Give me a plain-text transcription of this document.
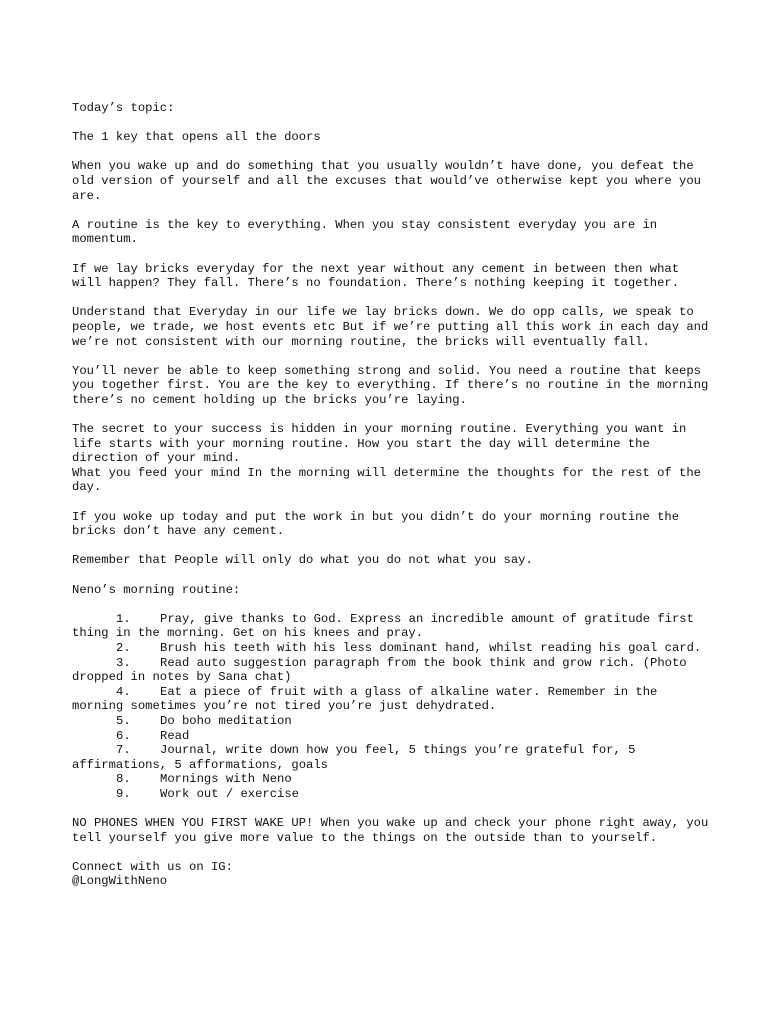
Today’s topic:

The 1 key that opens all the doors

When you wake up and do something that you usually wouldn’t have done, you defeat the old version of yourself and all the excuses that would’ve otherwise kept you where you are.

A routine is the key to everything. When you stay consistent everyday you are in momentum.

If we lay bricks everyday for the next year without any cement in between then what will happen? They fall. There’s no foundation. There’s nothing keeping it together.

Understand that Everyday in our life we lay bricks down. We do opp calls, we speak to people, we trade, we host events etc But if we’re putting all this work in each day and we’re not consistent with our morning routine, the bricks will eventually fall.

You’ll never be able to keep something strong and solid. You need a routine that keeps you together first. You are the key to everything. If there’s no routine in the morning there’s no cement holding up the bricks you’re laying.

The secret to your success is hidden in your morning routine. Everything you want in life starts with your morning routine. How you start the day will determine the direction of your mind.

What you feed your mind In the morning will determine the thoughts for the rest of the day.

If you woke up today and put the work in but you didn’t do your morning routine the bricks don’t have any cement.

Remember that People will only do what you do not what you say.

Neno’s morning routine:

1. Pray, give thanks to God. Express an incredible amount of gratitude first thing in the morning. Get on his knees and pray.
2. Brush his teeth with his less dominant hand, whilst reading his goal card.
3. Read auto suggestion paragraph from the book think and grow rich. (Photo dropped in notes by Sana chat)
4. Eat a piece of fruit with a glass of alkaline water. Remember in the morning sometimes you’re not tired you’re just dehydrated.
5. Do boho meditation
6. Read
7. Journal, write down how you feel, 5 things you’re grateful for, 5 affirmations, 5 afformations, goals
8. Mornings with Neno
9. Work out / exercise

NO PHONES WHEN YOU FIRST WAKE UP! When you wake up and check your phone right away, you tell yourself you give more value to the things on the outside than to yourself.

Connect with us on IG:

@LongWithNeno
